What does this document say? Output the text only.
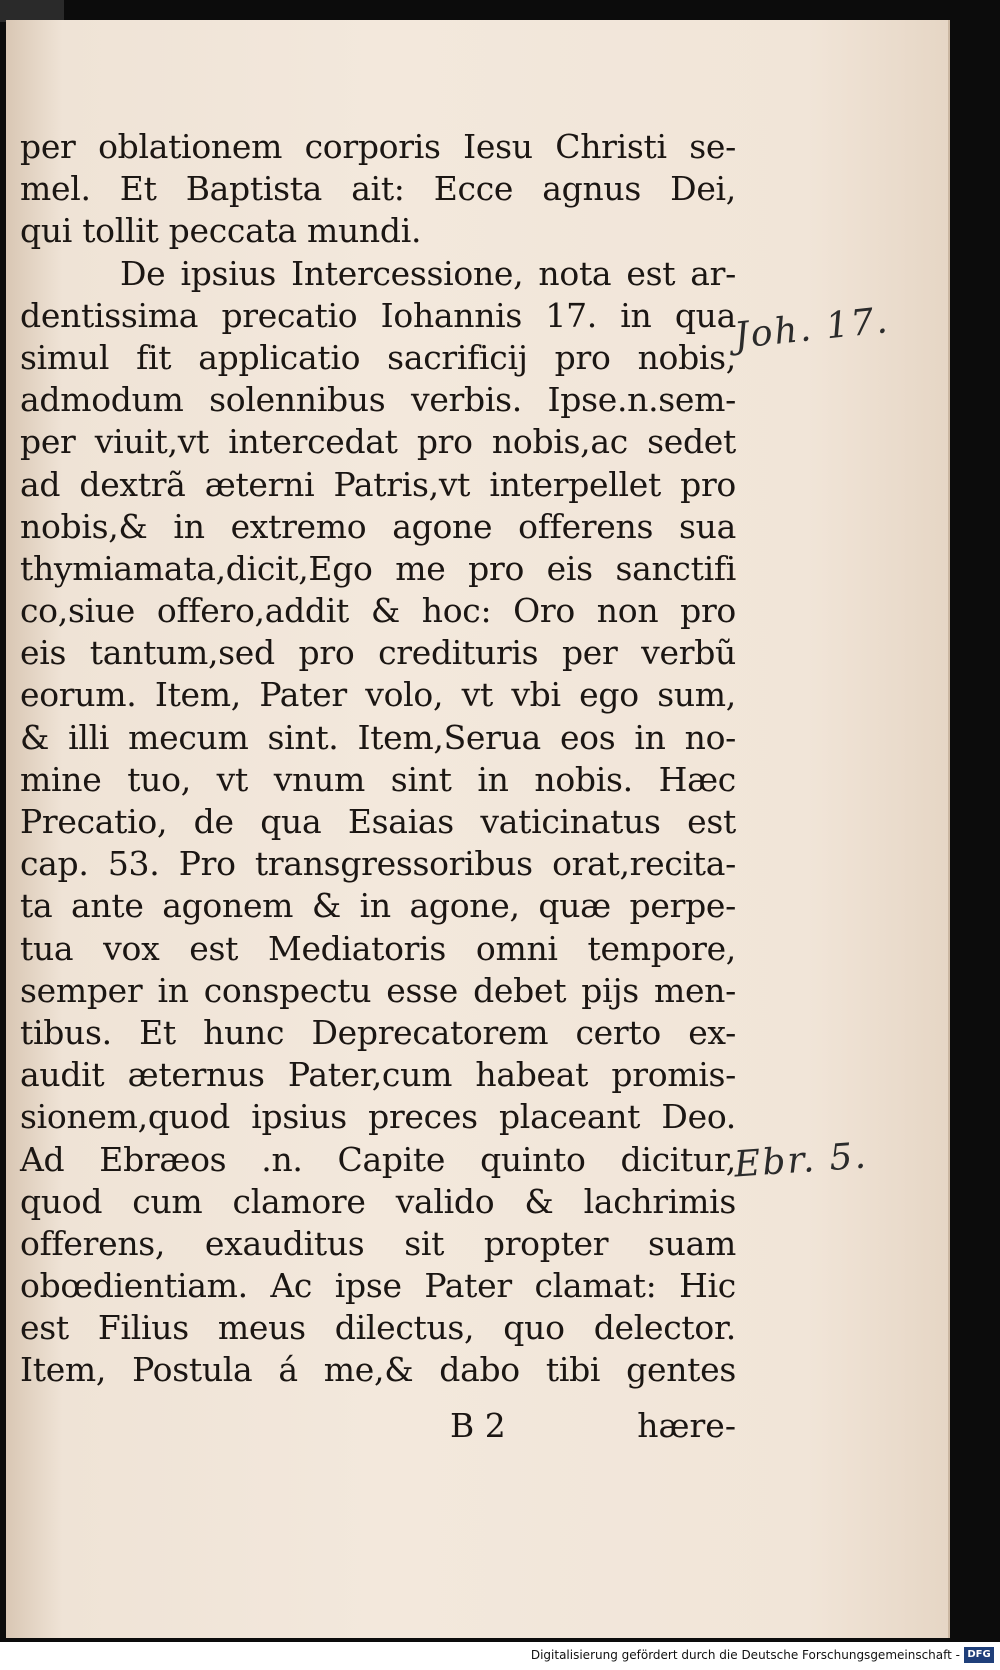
per oblationem corporis Iesu Christi se-
mel. Et Baptista ait: Ecce agnus Dei,
qui tollit peccata mundi.
De ipsius Intercessione, nota est ar-
dentissima precatio Iohannis 17. in qua
simul fit applicatio sacrificij pro nobis,
admodum solennibus verbis. Ipse.n.sem-
per viuit,vt intercedat pro nobis,ac sedet
ad dextrã æterni Patris,vt interpellet pro
nobis,& in extremo agone offerens sua
thymiamata,dicit,Ego me pro eis sanctifi
co,siue offero,addit & hoc: Oro non pro
eis tantum,sed pro credituris per verbũ
eorum. Item, Pater volo, vt vbi ego sum,
& illi mecum sint. Item,Serua eos in no-
mine tuo, vt vnum sint in nobis. Hæc
Precatio, de qua Esaias vaticinatus est
cap. 53. Pro transgressoribus orat,recita-
ta ante agonem & in agone, quæ perpe-
tua vox est Mediatoris omni tempore,
semper in conspectu esse debet pijs men-
tibus. Et hunc Deprecatorem certo ex-
audit æternus Pater,cum habeat promis-
sionem,quod ipsius preces placeant Deo.
Ad Ebræos .n. Capite quinto dicitur,
quod cum clamore valido & lachrimis
offerens, exauditus sit propter suam
obœdientiam. Ac ipse Pater clamat: Hic
est Filius meus dilectus, quo delector.
Item, Postula á me,& dabo tibi gentes
B 2	hære-
Joh. 17.
Ebr. 5.
Digitalisierung gefördert durch die Deutsche Forschungsgemeinschaft - DFG
